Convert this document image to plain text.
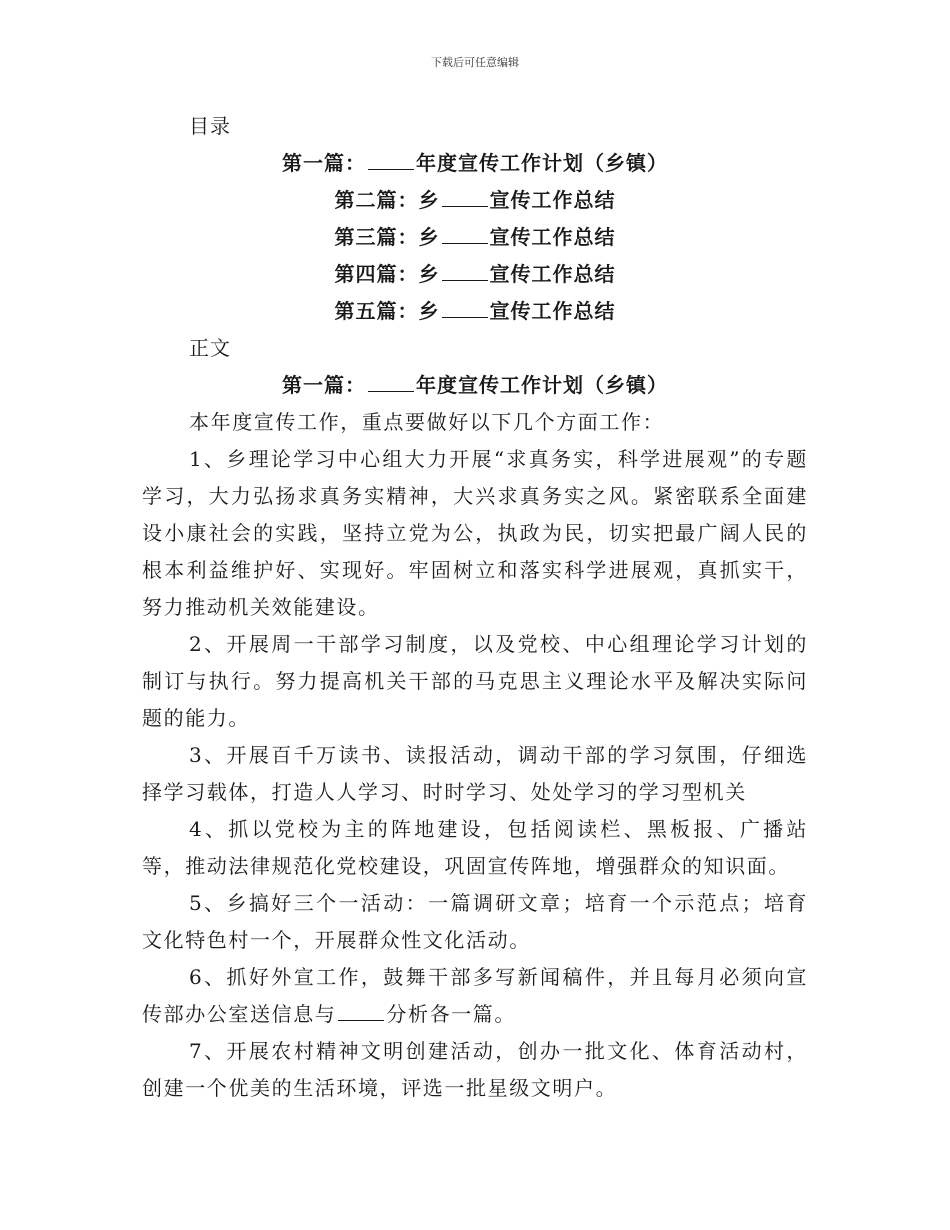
下载后可任意编辑
目录
第一篇：	年度宣传工作计划（乡镇）
第二篇：乡	宣传工作总结
第三篇：乡	宣传工作总结
第四篇：乡	宣传工作总结
第五篇：乡	宣传工作总结
正文
第一篇：	年度宣传工作计划（乡镇）

本年度宣传工作，重点要做好以下几个方面工作：

1、乡理论学习中心组大力开展“求真务实，科学进展观”的专题学习，大力弘扬求真务实精神，大兴求真务实之风。紧密联系全面建设小康社会的实践，坚持立党为公，执政为民，切实把最广阔人民的根本利益维护好、实现好。牢固树立和落实科学进展观，真抓实干，努力推动机关效能建设。

2、开展周一干部学习制度，以及党校、中心组理论学习计划的制订与执行。努力提高机关干部的马克思主义理论水平及解决实际问题的能力。

3、开展百千万读书、读报活动，调动干部的学习氛围，仔细选择学习载体，打造人人学习、时时学习、处处学习的学习型机关

4、抓以党校为主的阵地建设，包括阅读栏、黑板报、广播站等，推动法律规范化党校建设，巩固宣传阵地，增强群众的知识面。

5、乡搞好三个一活动：一篇调研文章；培育一个示范点；培育文化特色村一个，开展群众性文化活动。

6、抓好外宣工作，鼓舞干部多写新闻稿件，并且每月必须向宣传部办公室送信息与	分析各一篇。

7、开展农村精神文明创建活动，创办一批文化、体育活动村，创建一个优美的生活环境，评选一批星级文明户。
